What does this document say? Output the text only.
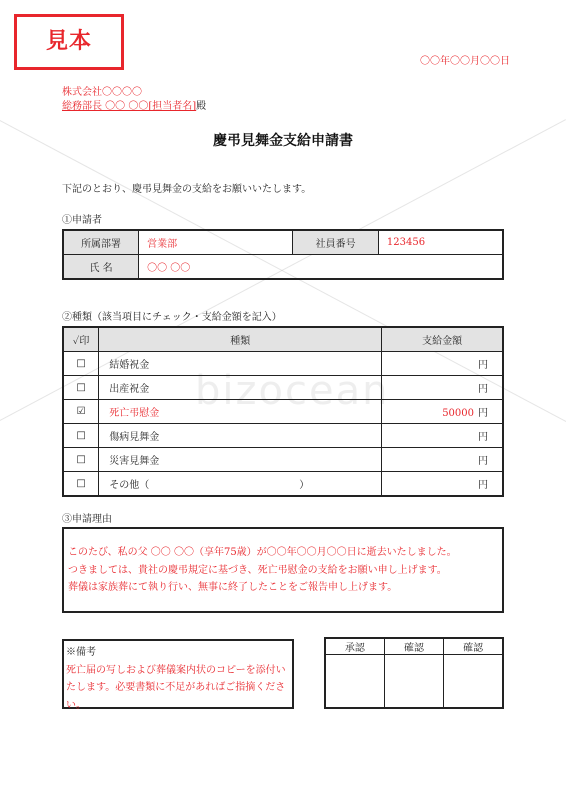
bizocean
見本
〇〇年〇〇月〇〇日
株式会社〇〇〇〇
総務部長 〇〇 〇〇[担当者名]殿
慶弔見舞金支給申請書
下記のとおり、慶弔見舞金の支給をお願いいたします。
①申請者
所属部署	営業部	社員番号	123456
氏 名	〇〇 〇〇		
②種類（該当項目にチェック・支給金額を記入）
✓印	種類	支給金額
□	結婚祝金	円
□	出産祝金	円
☑	死亡弔慰金	50000 円
□	傷病見舞金	円
□	災害見舞金	円
□	その他（　　　　　　　　　　　　　　　）	円
③申請理由
このたび、私の父 〇〇 〇〇（享年75歳）が〇〇年〇〇月〇〇日に逝去いたしました。
つきましては、貴社の慶弔規定に基づき、死亡弔慰金の支給をお願い申し上げます。
葬儀は家族葬にて執り行い、無事に終了したことをご報告申し上げます。
※備考
死亡届の写しおよび葬儀案内状のコピーを添付い
たします。必要書類に不足があればご指摘くださ
い。
承認	確認	確認
